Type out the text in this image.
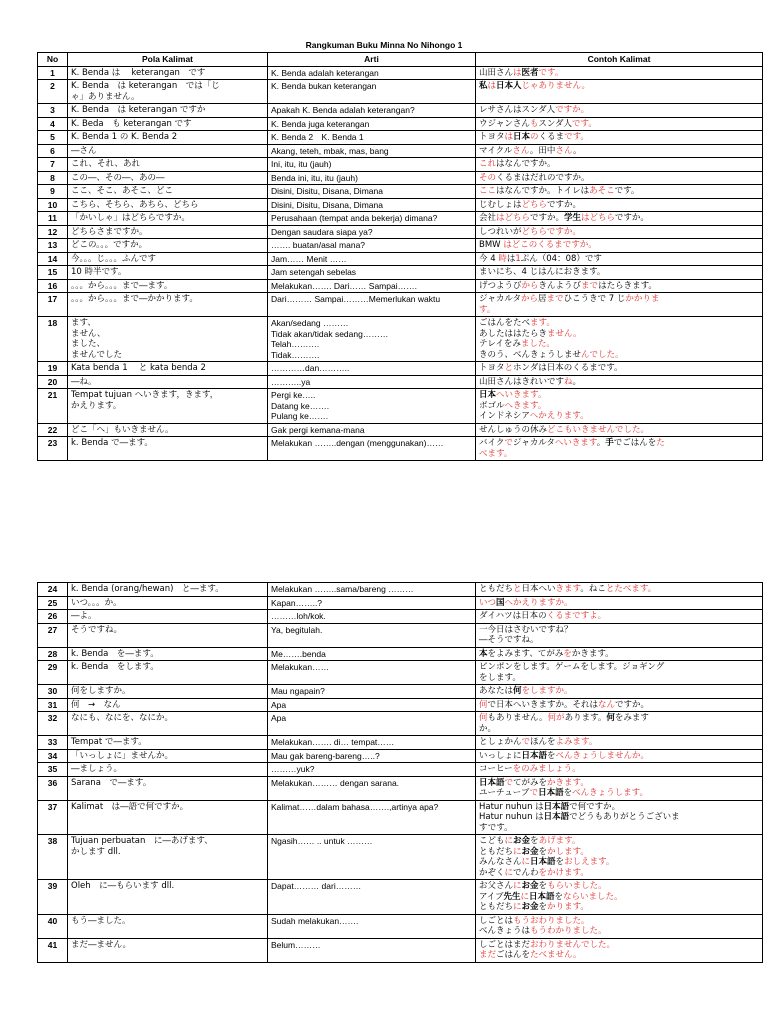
Rangkuman Buku Minna No Nihongo 1
No	Pola Kalimat	Arti	Contoh Kalimat
1	K. Benda は　 keterangan　です	K. Benda adalah keterangan	山田さんは医者です。

2	K. Benda　は keterangan　では「じ
ゃ」ありません。	K. Benda bukan keterangan	私は日本人じゃありません。

3	K. Benda　は keterangan ですか	Apakah K. Benda adalah keterangan?	レサさんはスンダ人ですか。

4	K. Beda　も keterangan です	K. Benda juga keterangan	ウジャンさんもスンダ人です。

5	K. Benda 1 の K. Benda 2	K. Benda 2　K. Benda 1	トヨタは日本のくるまです。

6	―さん	Akang, teteh, mbak, mas, bang	マイクルさん。田中さん。

7	これ、それ、あれ	Ini, itu, itu (jauh)	これはなんですか。

8	この―、その―、あの―	Benda ini, itu, itu (jauh)	そのくるまはだれのですか。

9	ここ、そこ、あそこ、どこ	Disini, Disitu, Disana, Dimana	ここはなんですか。トイレはあそこです。

10	こちら、そちら、あちら、どちら	Disini, Disitu, Disana, Dimana	じむしょはどちらですか。

11	「かいしゃ」はどちらですか。	Perusahaan (tempat anda bekerja) dimana?	会社はどちらですか。学生はどちらですか。

12	どちらさまですか。	Dengan saudara siapa ya?	しつれいがどちらですか。

13	どこの。。。ですか。	……. buatan/asal mana?	BMW はどこのくるまですか。

14	今。。。じ。。。ふんです	Jam…… Menit ……	今 4 時は1ぷん（04：08）です

15	10 時半です。	Jam setengah sebelas	まいにち、4 じはんにおきます。

16	。。。から。。。まで―ます。	Melakukan……. Dari…… Sampai…….	げつようびからきんようびまではたらきます。

17	。。。から。。。まで―かかります。	Dari……… Sampai………Memerlukan waktu	ジャカルタから居までひこうきで 7 じかかりま
す。

18	ます、
ません、
ました、
ませんでした	Akan/sedang ………
Tidak akan/tidak sedang………
Telah……….
Tidak……….	ごはんをたべます。
あしたははたらきません。
テレイをみました。
きのう、べんきょうしませんでした。

19	Kata benda 1　 と kata benda 2	…………dan………..	トヨタとホンダは日本のくるまです。

20	―ね。	………..ya	山田さんはきれいですね。

21	Tempat tujuan へいきます，きます，
かえります。	Pergi ke…..
Datang ke…….
Pulang ke…….	日本へいきます。
ボゴルへきます。
インドネシアへかえります。

22	どこ「へ」もいきません。	Gak pergi kemana-mana	せんしゅうの休みどこもいきませんでした。

23	k. Benda で―ます。	Melakukan ……..dengan (menggunakan)……	バイクでジャカルタへいきます。手でごはんをた
べます。
24	k. Benda (orang/hewan)　と―ます。	Melakukan ……..sama/bareng ………	ともだちと日本へいきます。ねことたべます。

25	いつ。。。か。	Kapan……..?	いつ国へかえりますか。

26	―よ。	………loh/kok.	ダイハツは日本のくるまですよ。

27	そうですね。	Ya, begitulah.	一今日はさむいですね？
―そうですね。

28	k. Benda　を―ます。	Me…….benda	本をよみます、てがみをかきます。

29	k. Benda　をします。	Melakukan……	ピンポンをします。ゲームをします。ジョギング
をします。

30	何をしますか。	Mau ngapain?	あなたは何をしますか。

31	何　→　なん	Apa	何で日本へいきますか。それはなんですか。

32	なにも、なにを、なにか。	Apa	何もありません。何があります。何をみます
か。

33	Tempat で―ます。	Melakukan……. di… tempat……	としょかんでほんをよみます。

34	「いっしょに」ませんか。	Mau gak bareng-bareng…..?	いっしょに日本語をべんきょうしませんか。

35	―ましょう。	………yuk?	コーヒーをのみましょう。

36	Sarana　で―ます。	Melakukan……… dengan sarana.	日本語でてがみをかきます。
ユーチューブで日本語をべんきょうします。

37	Kalimat　は―語で何ですか。	Kalimat……dalam bahasa…….,artinya apa?	Hatur nuhun は日本語で何ですか。
Hatur nuhun は日本語でどうもありがとうございま
すです。

38	Tujuan perbuatan　に―あげます、
かします dll.	Ngasih…… .. untuk ………	こどもにお金をあげます。
ともだちにお金をかします。
みんなさんに日本語をおしえます。
かぞくにでんわをかけます。

39	Oleh　に―もらいます dll.	Dapat……… dari………	お父さんにお金をもらいました。
アイブ先生に日本語をならいました。
ともだちにお金をかります。

40	もう―ました。	Sudah melakukan…….	しごとはもうおわりました。
べんきょうはもうわかりました。

41	まだ―ません。	Belum………	しごとはまだおわりませんでした。
まだごはんをたべません。
